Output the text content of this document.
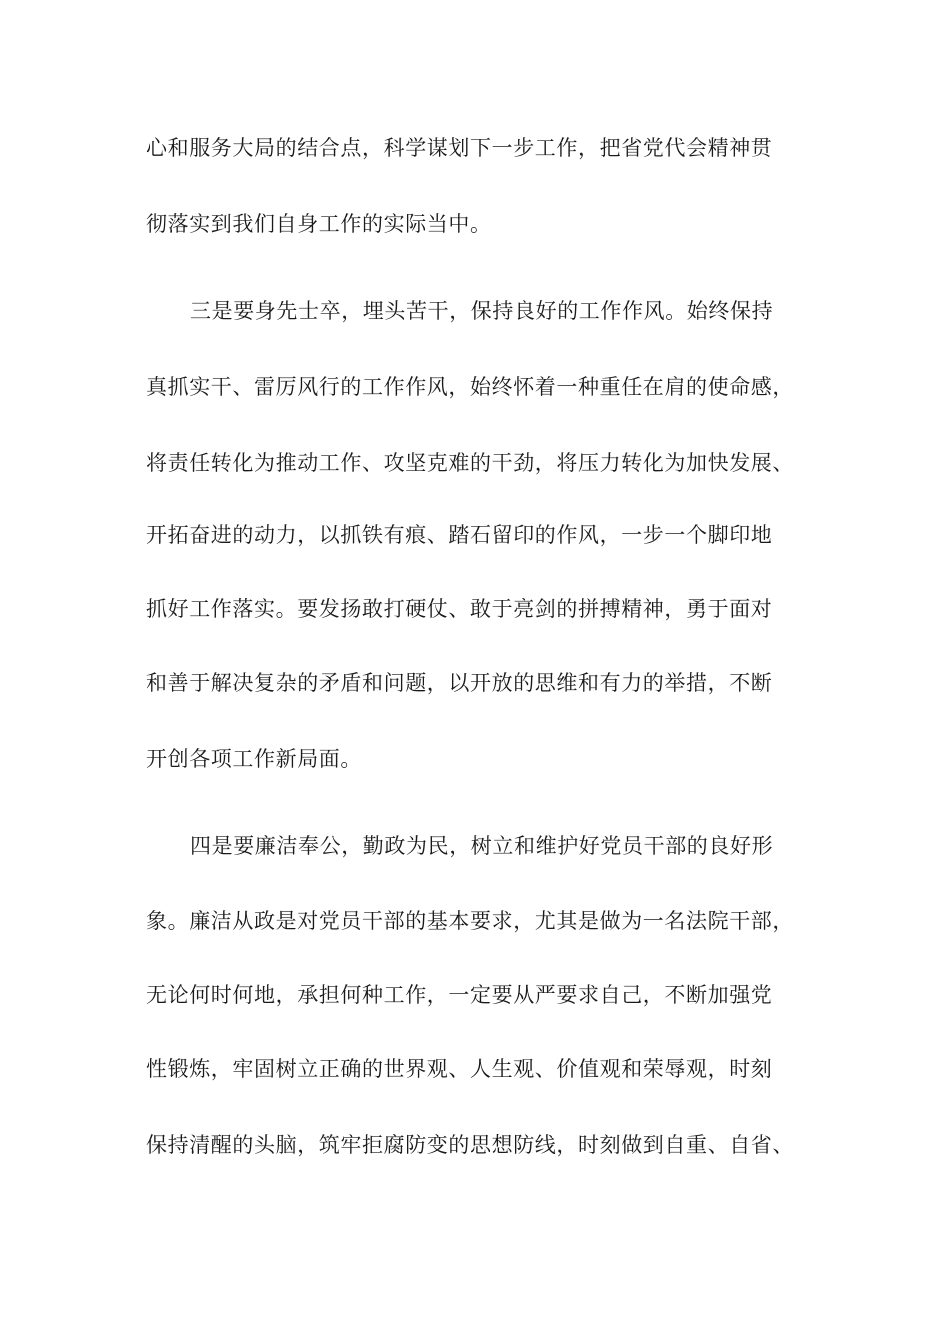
心和服务大局的结合点，科学谋划下一步工作，把省党代会精神贯

彻落实到我们自身工作的实际当中。

三是要身先士卒，埋头苦干，保持良好的工作作风。始终保持

真抓实干、雷厉风行的工作作风，始终怀着一种重任在肩的使命感，

将责任转化为推动工作、攻坚克难的干劲，将压力转化为加快发展、

开拓奋进的动力，以抓铁有痕、踏石留印的作风，一步一个脚印地

抓好工作落实。要发扬敢打硬仗、敢于亮剑的拼搏精神，勇于面对

和善于解决复杂的矛盾和问题，以开放的思维和有力的举措，不断

开创各项工作新局面。

四是要廉洁奉公，勤政为民，树立和维护好党员干部的良好形

象。廉洁从政是对党员干部的基本要求，尤其是做为一名法院干部，

无论何时何地，承担何种工作，一定要从严要求自己，不断加强党

性锻炼，牢固树立正确的世界观、人生观、价值观和荣辱观，时刻

保持清醒的头脑，筑牢拒腐防变的思想防线，时刻做到自重、自省、
